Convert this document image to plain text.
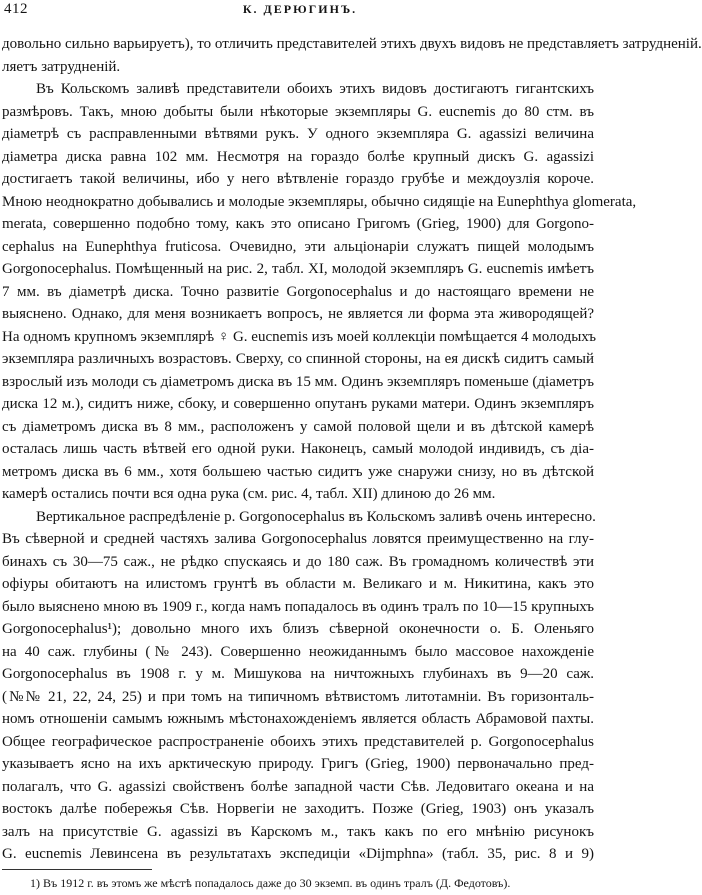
412	К. ДЕРЮГИНЪ.
довольно сильно варьируетъ), то отличить представителей этихъ двухъ видовъ не представляетъ затрудненій.
ляетъ затрудненій.
Въ Кольскомъ заливѣ представители обоихъ этихъ видовъ достигаютъ гигантскихъ
размѣровъ. Такъ, мною добыты были нѣкоторые экземпляры G. eucnemis до 80 стм. въ
діаметрѣ съ расправленными вѣтвями рукъ. У одного экземпляра G. agassizi величина
діаметра диска равна 102 мм. Несмотря на гораздо болѣе крупный дискъ G. agassizi
достигаетъ такой величины, ибо у него вѣтвленіе гораздо грубѣе и междоузлія короче.
Мною неоднократно добывались и молодые экземпляры, обычно сидящіе на Eunephthya glomerata,
merata, совершенно подобно тому, какъ это описано Григомъ (Grieg, 1900) для Gorgono-
cephalus на Eunephthya fruticosa. Очевидно, эти альціонаріи служатъ пищей молодымъ
Gorgonocephalus. Помѣщенный на рис. 2, табл. XI, молодой экземпляръ G. eucnemis имѣетъ
7 мм. въ діаметрѣ диска. Точно развитіе Gorgonocephalus и до настоящаго времени не
выяснено. Однако, для меня возникаетъ вопросъ, не является ли форма эта живородящей?
На одномъ крупномъ экземплярѣ ♀ G. eucnemis изъ моей коллекціи помѣщается 4 молодыхъ
экземпляра различныхъ возрастовъ. Сверху, со спинной стороны, на ея дискѣ сидитъ самый
взрослый изъ молоди съ діаметромъ диска въ 15 мм. Одинъ экземпляръ поменьше (діаметръ
диска 12 м.), сидитъ ниже, сбоку, и совершенно опутанъ руками матери. Одинъ экземпляръ
съ діаметромъ диска въ 8 мм., расположенъ у самой половой щели и въ дѣтской камерѣ
осталась лишь часть вѣтвей его одной руки. Наконецъ, самый молодой индивидъ, съ діа-
метромъ диска въ 6 мм., хотя большею частью сидитъ уже снаружи снизу, но въ дѣтской
камерѣ остались почти вся одна рука (см. рис. 4, табл. XII) длиною до 26 мм.
Вертикальное распредѣленіе р. Gorgonocephalus въ Кольскомъ заливѣ очень интересно.
Въ сѣверной и средней частяхъ залива Gorgonocephalus ловятся преимущественно на глу-
бинахъ съ 30—75 саж., не рѣдко спускаясь и до 180 саж. Въ громадномъ количествѣ эти
офіуры обитаютъ на илистомъ грунтѣ въ области м. Великаго и м. Никитина, какъ это
было выяснено мною въ 1909 г., когда намъ попадалось въ одинъ тралъ по 10—15 крупныхъ
Gorgonocephalus¹); довольно много ихъ близъ сѣверной оконечности о. Б. Оленьяго
на 40 саж. глубины (№ 243). Совершенно неожиданнымъ было массовое нахожденіе
Gorgonocephalus въ 1908 г. у м. Мишукова на ничтожныхъ глубинахъ въ 9—20 саж.
(№№ 21, 22, 24, 25) и при томъ на типичномъ вѣтвистомъ литотамніи. Въ горизонталь-
номъ отношеніи самымъ южнымъ мѣстонахожденіемъ является область Абрамовой пахты.
Общее географическое распространеніе обоихъ этихъ представителей р. Gorgonocephalus
указываетъ ясно на ихъ арктическую природу. Григъ (Grieg, 1900) первоначально пред-
полагалъ, что G. agassizi свойственъ болѣе западной части Сѣв. Ледовитаго океана и на
востокъ далѣе побережья Сѣв. Норвегіи не заходитъ. Позже (Grieg, 1903) онъ указалъ
залъ на присутствіе G. agassizi въ Карскомъ м., такъ какъ по его мнѣнію рисунокъ
G. eucnemis Левинсена въ результатахъ экспедиціи «Dijmphna» (табл. 35, рис. 8 и 9)
1) Въ 1912 г. въ этомъ же мѣстѣ попадалось даже до 30 экземп. въ одинъ тралъ (Д. Федотовъ).
